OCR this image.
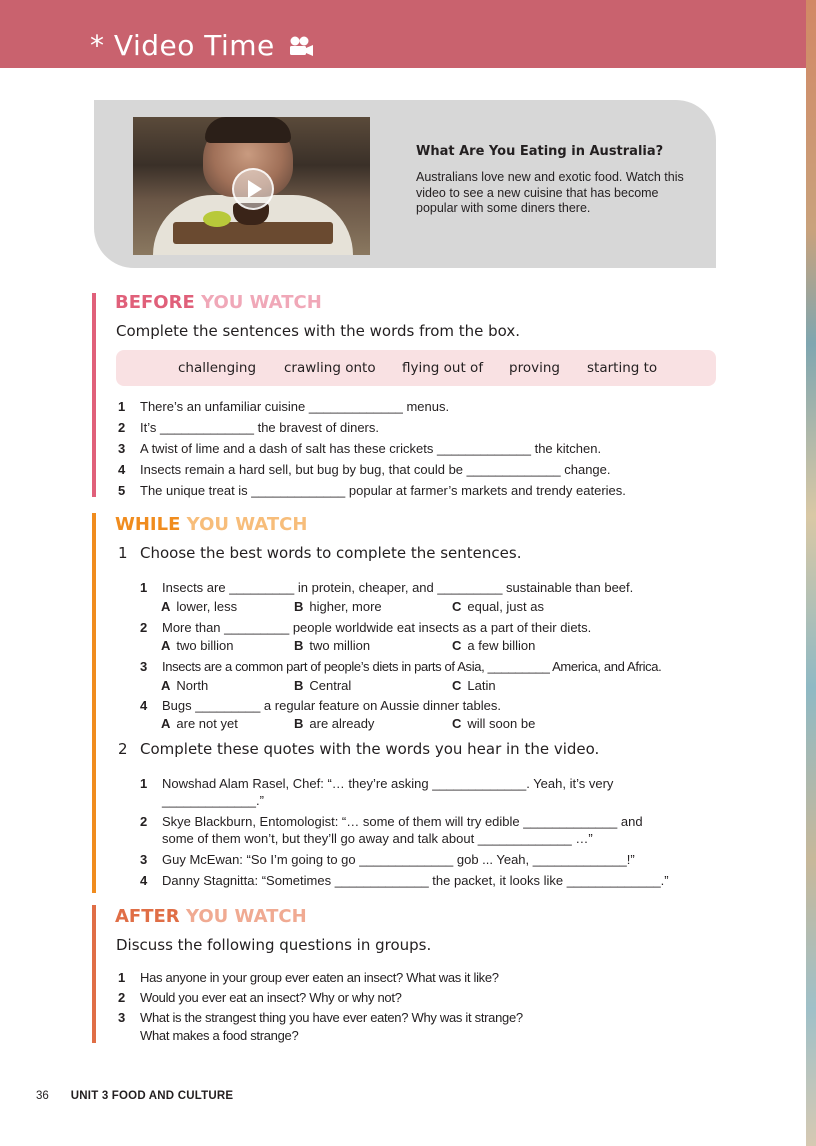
* Video Time
What Are You Eating in Australia?
Australians love new and exotic food. Watch this video to see a new cuisine that has become popular with some diners there.
BEFORE YOU WATCH
Complete the sentences with the words from the box.
challenging crawling onto flying out of proving starting to
1 There’s an unfamiliar cuisine _____________ menus.
2 It’s _____________ the bravest of diners.
3 A twist of lime and a dash of salt has these crickets _____________ the kitchen.
4 Insects remain a hard sell, but bug by bug, that could be _____________ change.
5 The unique treat is _____________ popular at farmer’s markets and trendy eateries.
WHILE YOU WATCH
1 Choose the best words to complete the sentences.
1 Insects are _________ in protein, cheaper, and _________ sustainable than beef.
A lower, less	B higher, more	C equal, just as
2 More than _________ people worldwide eat insects as a part of their diets.
A two billion	B two million	C a few billion
3 Insects are a common part of people’s diets in parts of Asia, _________ America, and Africa.
A North	B Central	C Latin
4 Bugs _________ a regular feature on Aussie dinner tables.
A are not yet	B are already	C will soon be
2 Complete these quotes with the words you hear in the video.
1 Nowshad Alam Rasel, Chef: “… they’re asking _____________. Yeah, it’s very
_____________.”
2 Skye Blackburn, Entomologist: “… some of them will try edible _____________ and
some of them won’t, but they’ll go away and talk about _____________ …”
3 Guy McEwan: “So I’m going to go _____________ gob ... Yeah, _____________!”
4 Danny Stagnitta: “Sometimes _____________ the packet, it looks like _____________.”
AFTER YOU WATCH
Discuss the following questions in groups.
1 Has anyone in your group ever eaten an insect? What was it like?
2 Would you ever eat an insect? Why or why not?
3 What is the strangest thing you have ever eaten? Why was it strange?
What makes a food strange?
36 UNIT 3 FOOD AND CULTURE
